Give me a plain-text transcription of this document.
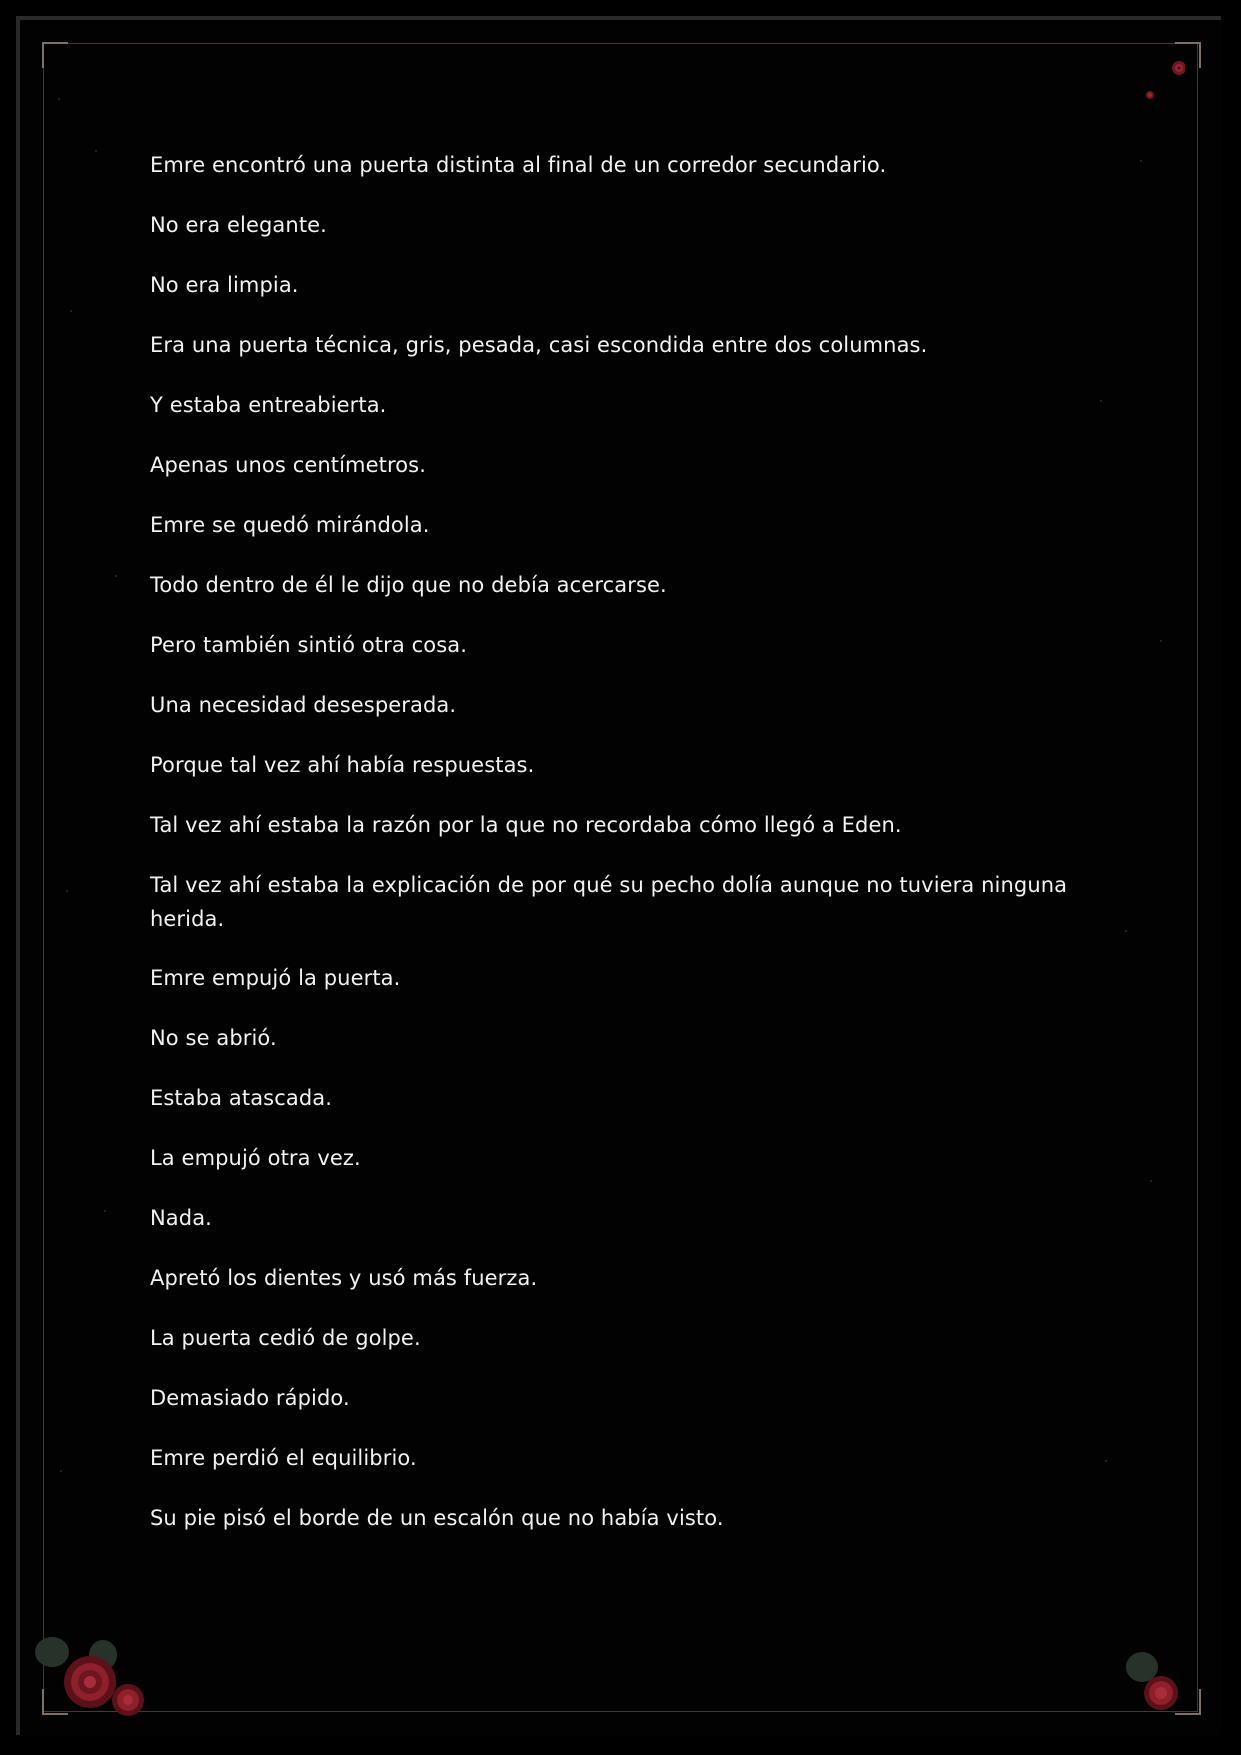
Emre encontró una puerta distinta al final de un corredor secundario.

No era elegante.

No era limpia.

Era una puerta técnica, gris, pesada, casi escondida entre dos columnas.

Y estaba entreabierta.

Apenas unos centímetros.

Emre se quedó mirándola.

Todo dentro de él le dijo que no debía acercarse.

Pero también sintió otra cosa.

Una necesidad desesperada.

Porque tal vez ahí había respuestas.

Tal vez ahí estaba la razón por la que no recordaba cómo llegó a Eden.

Tal vez ahí estaba la explicación de por qué su pecho dolía aunque no tuviera ninguna herida.

Emre empujó la puerta.

No se abrió.

Estaba atascada.

La empujó otra vez.

Nada.

Apretó los dientes y usó más fuerza.

La puerta cedió de golpe.

Demasiado rápido.

Emre perdió el equilibrio.

Su pie pisó el borde de un escalón que no había visto.
